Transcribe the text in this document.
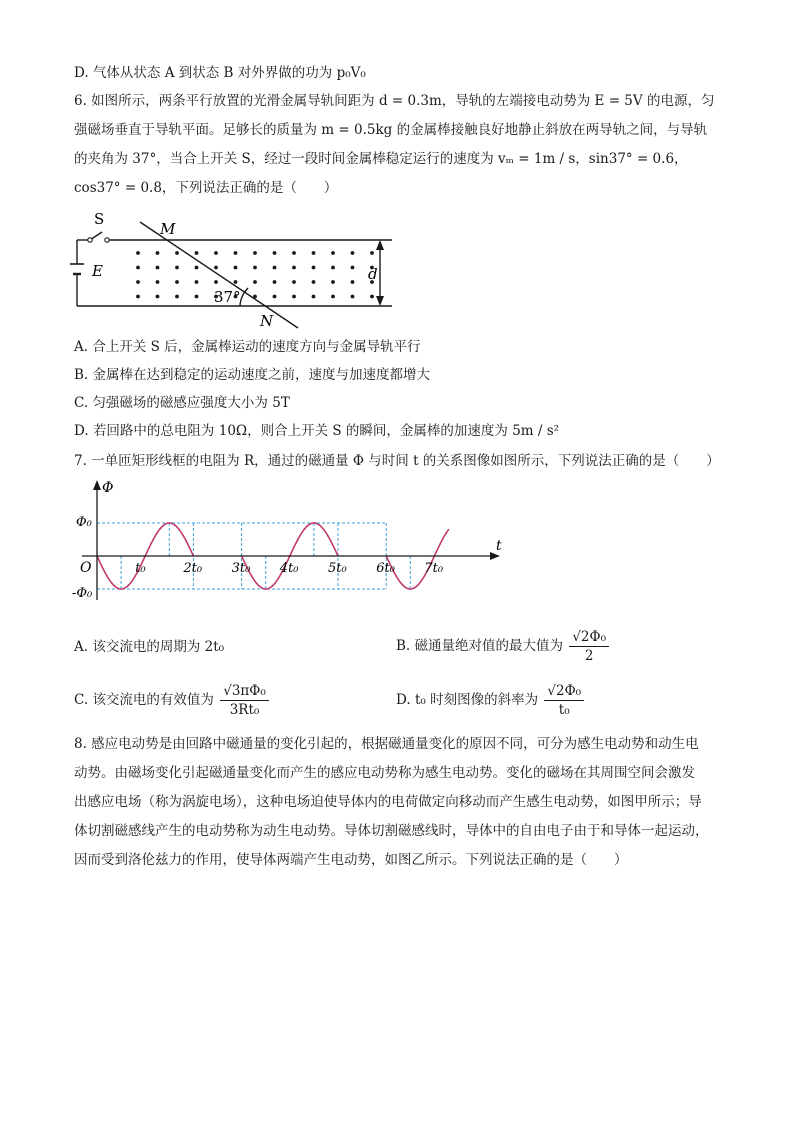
D. 气体从状态 A 到状态 B 对外界做的功为 p₀V₀
6. 如图所示，两条平行放置的光滑金属导轨间距为 d = 0.3m，导轨的左端接电动势为 E = 5V 的电源，匀
强磁场垂直于导轨平面。足够长的质量为 m = 0.5kg 的金属棒接触良好地静止斜放在两导轨之间，与导轨
的夹角为 37°，当合上开关 S，经过一段时间金属棒稳定运行的速度为 vₘ = 1m / s，sin37° = 0.6，
cos37° = 0.8，下列说法正确的是（　　）
S
E
M
N
d
37°
A. 合上开关 S 后，金属棒运动的速度方向与金属导轨平行
B. 金属棒在达到稳定的运动速度之前，速度与加速度都增大
C. 匀强磁场的磁感应强度大小为 5T
D. 若回路中的总电阻为 10Ω，则合上开关 S 的瞬间，金属棒的加速度为 5m / s²
7. 一单匝矩形线框的电阻为 R，通过的磁通量 Φ 与时间 t 的关系图像如图所示，下列说法正确的是（　　）
Φ
t
O
Φ₀
-Φ₀
t₀	2t₀ 3t₀ 4t₀ 5t₀ 6t₀ 7t₀
A. 该交流电的周期为 2t₀	B. 磁通量绝对值的最大值为 $\frac{\text{√2Φ₀}}{2}$
C. 该交流电的有效值为 $\frac{\text{√3πΦ₀}}{\text{3Rt₀}}$	D. t₀ 时刻图像的斜率为 $\frac{\text{√2Φ₀}}{\text{t₀}}$
8. 感应电动势是由回路中磁通量的变化引起的，根据磁通量变化的原因不同，可分为感生电动势和动生电
动势。由磁场变化引起磁通量变化而产生的感应电动势称为感生电动势。变化的磁场在其周围空间会激发
出感应电场（称为涡旋电场），这种电场迫使导体内的电荷做定向移动而产生感生电动势，如图甲所示；导
体切割磁感线产生的电动势称为动生电动势。导体切割磁感线时，导体中的自由电子由于和导体一起运动，
因而受到洛伦兹力的作用，使导体两端产生电动势，如图乙所示。下列说法正确的是（　　）
